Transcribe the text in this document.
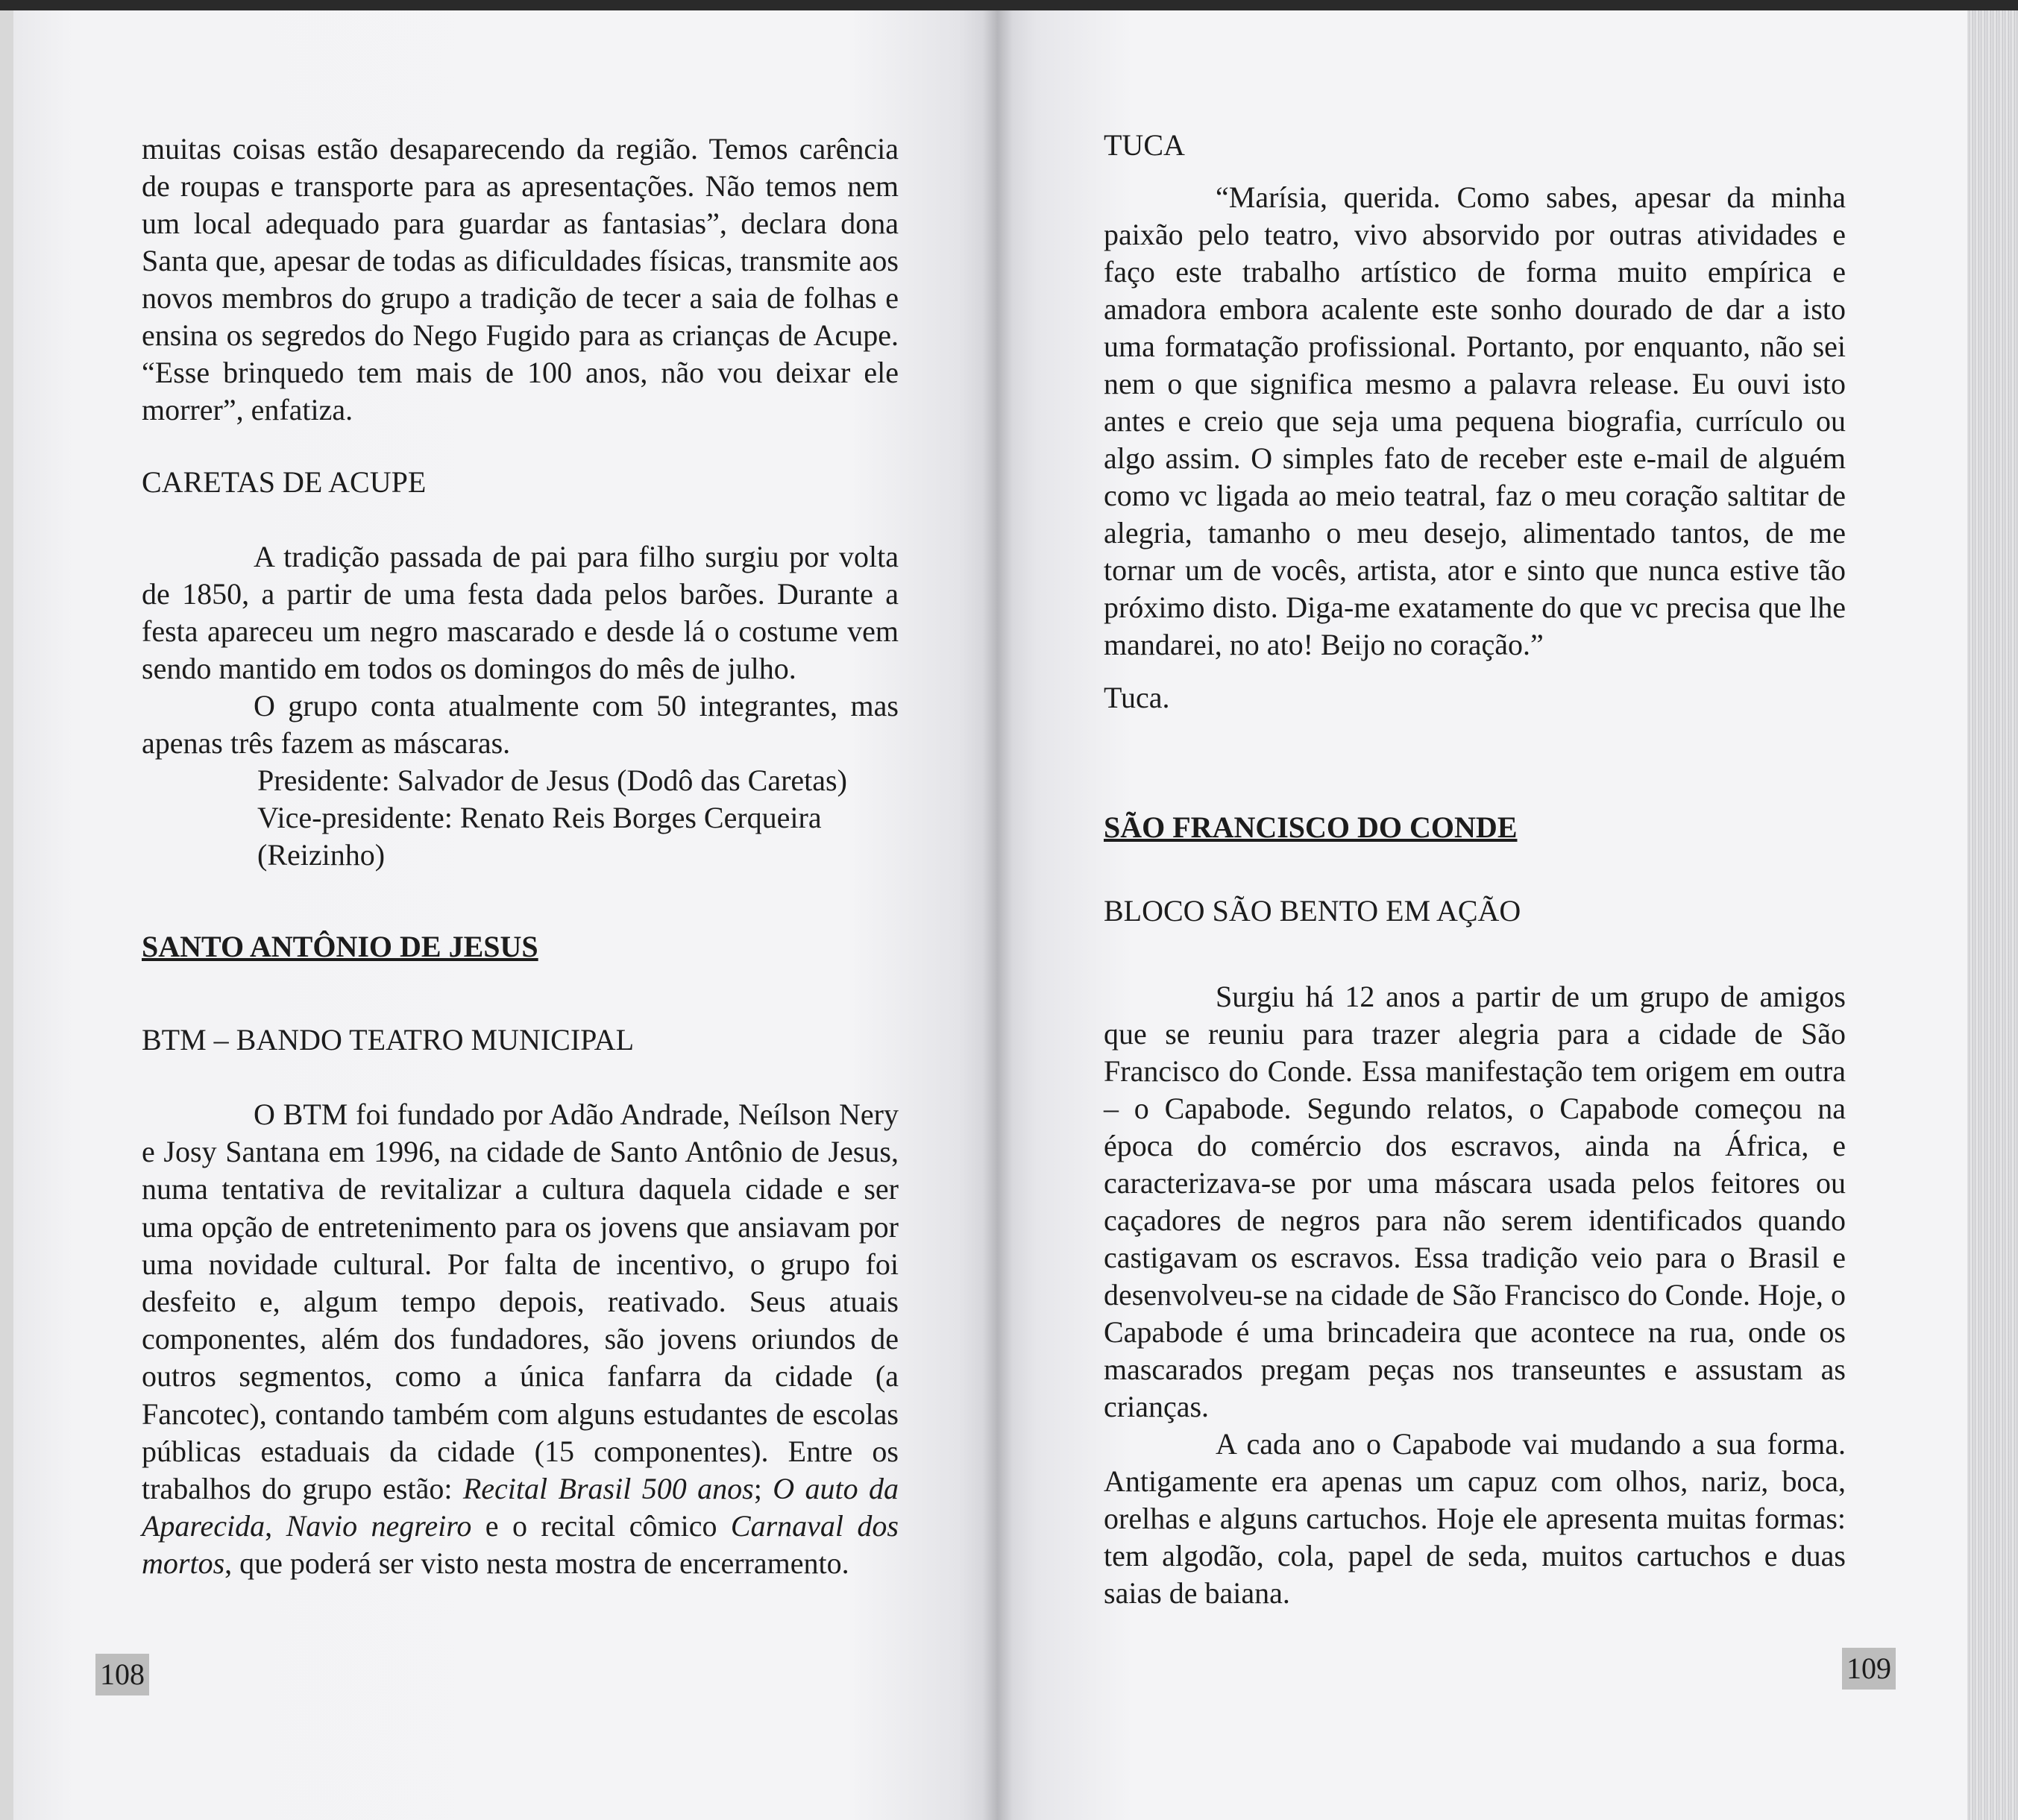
muitas coisas estão desaparecendo da região. Temos carência de roupas e transporte para as apresentações. Não temos nem um local adequado para guardar as fantasias”, declara dona Santa que, apesar de todas as dificuldades físicas, transmite aos novos membros do grupo a tradição de tecer a saia de folhas e ensina os segredos do Nego Fugido para as crianças de Acupe. “Esse brinquedo tem mais de 100 anos, não vou deixar ele morrer”, enfatiza.

CARETAS DE ACUPE

A tradição passada de pai para filho surgiu por volta de 1850, a partir de uma festa dada pelos barões. Durante a festa apareceu um negro mascarado e desde lá o costume vem sendo mantido em todos os domingos do mês de julho.

O grupo conta atualmente com 50 integrantes, mas apenas três fazem as máscaras.

Presidente: Salvador de Jesus (Dodô das Caretas)

Vice-presidente: Renato Reis Borges Cerqueira (Reizinho)

SANTO ANTÔNIO DE JESUS

BTM – BANDO TEATRO MUNICIPAL

O BTM foi fundado por Adão Andrade, Neílson Nery e Josy Santana em 1996, na cidade de Santo Antônio de Jesus, numa tentativa de revitalizar a cultura daquela cidade e ser uma opção de entretenimento para os jovens que ansiavam por uma novidade cultural. Por falta de incentivo, o grupo foi desfeito e, algum tempo depois, reativado. Seus atuais componentes, além dos fundadores, são jovens oriundos de outros segmentos, como a única fanfarra da cidade (a Fancotec), contando também com alguns estudantes de escolas públicas estaduais da cidade (15 componentes). Entre os trabalhos do grupo estão: Recital Brasil 500 anos; O auto da Aparecida, Navio negreiro e o recital cômico Carnaval dos mortos, que poderá ser visto nesta mostra de encerramento.

108

TUCA

“Marísia, querida. Como sabes, apesar da minha paixão pelo teatro, vivo absorvido por outras atividades e faço este trabalho artístico de forma muito empírica e amadora embora acalente este sonho dourado de dar a isto uma formatação profissional. Portanto, por enquanto, não sei nem o que significa mesmo a palavra release. Eu ouvi isto antes e creio que seja uma pequena biografia, currículo ou algo assim. O simples fato de receber este e-mail de alguém como vc ligada ao meio teatral, faz o meu coração saltitar de alegria, tamanho o meu desejo, alimentado tantos, de me tornar um de vocês, artista, ator e sinto que nunca estive tão próximo disto. Diga-me exatamente do que vc precisa que lhe mandarei, no ato! Beijo no coração.”

Tuca.

SÃO FRANCISCO DO CONDE

BLOCO SÃO BENTO EM AÇÃO

Surgiu há 12 anos a partir de um grupo de amigos que se reuniu para trazer alegria para a cidade de São Francisco do Conde. Essa manifestação tem origem em outra – o Capabode. Segundo relatos, o Capabode começou na época do comércio dos escravos, ainda na África, e caracterizava-se por uma máscara usada pelos feitores ou caçadores de negros para não serem identificados quando castigavam os escravos. Essa tradição veio para o Brasil e desenvolveu-se na cidade de São Francisco do Conde. Hoje, o Capabode é uma brincadeira que acontece na rua, onde os mascarados pregam peças nos transeuntes e assustam as crianças.

A cada ano o Capabode vai mudando a sua forma. Antigamente era apenas um capuz com olhos, nariz, boca, orelhas e alguns cartuchos. Hoje ele apresenta muitas formas: tem algodão, cola, papel de seda, muitos cartuchos e duas saias de baiana.

109
